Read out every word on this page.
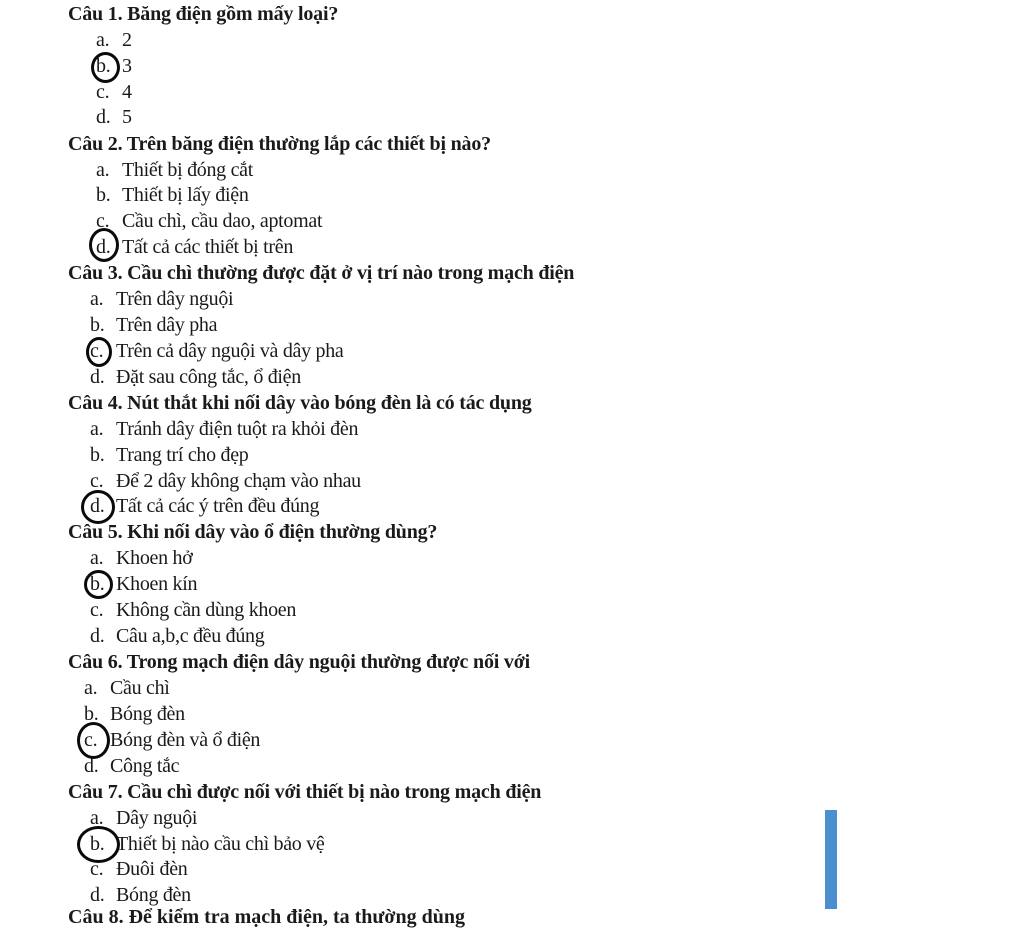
Câu 1. Băng điện gồm mấy loại?
a. 2
b. 3
c. 4
d. 5
Câu 2. Trên băng điện thường lắp các thiết bị nào?
a. Thiết bị đóng cắt
b. Thiết bị lấy điện
c. Cầu chì, cầu dao, aptomat
d. Tất cả các thiết bị trên
Câu 3. Cầu chì thường được đặt ở vị trí nào trong mạch điện
a. Trên dây nguội
b. Trên dây pha
c. Trên cả dây nguội và dây pha
d. Đặt sau công tắc, ổ điện
Câu 4. Nút thắt khi nối dây vào bóng đèn là có tác dụng
a. Tránh dây điện tuột ra khỏi đèn
b. Trang trí cho đẹp
c. Để 2 dây không chạm vào nhau
d. Tất cả các ý trên đều đúng
Câu 5. Khi nối dây vào ổ điện thường dùng?
a. Khoen hở
b. Khoen kín
c. Không cần dùng khoen
d. Câu a,b,c đều đúng
Câu 6. Trong mạch điện dây nguội thường được nối với
a. Cầu chì
b. Bóng đèn
c. Bóng đèn và ổ điện
d. Công tắc
Câu 7. Cầu chì được nối với thiết bị nào trong mạch điện
a. Dây nguội
b. Thiết bị nào cầu chì bảo vệ
c. Đuôi đèn
d. Bóng đèn
Câu 8. Để kiểm tra mạch điện, ta thường dùng
